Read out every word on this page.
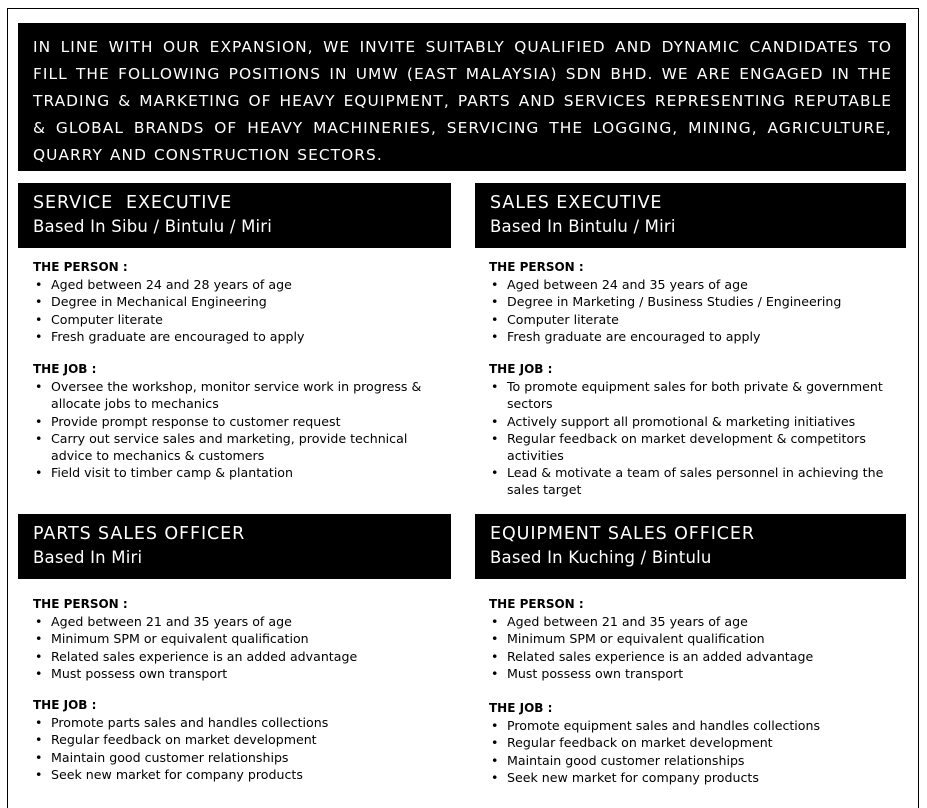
IN LINE WITH OUR EXPANSION, WE INVITE SUITABLY QUALIFIED AND DYNAMIC CANDIDATES TO FILL THE FOLLOWING POSITIONS IN UMW (EAST MALAYSIA) SDN BHD. WE ARE ENGAGED IN THE TRADING & MARKETING OF HEAVY EQUIPMENT, PARTS AND SERVICES REPRESENTING REPUTABLE & GLOBAL BRANDS OF HEAVY MACHINERIES, SERVICING THE LOGGING, MINING, AGRICULTURE, QUARRY AND CONSTRUCTION SECTORS.
SERVICE  EXECUTIVE
Based In Sibu / Bintulu / Miri
THE PERSON :
• Aged between 24 and 28 years of age
• Degree in Mechanical Engineering
• Computer literate
• Fresh graduate are encouraged to apply
THE JOB :
• Oversee the workshop, monitor service work in progress & allocate jobs to mechanics
• Provide prompt response to customer request
• Carry out service sales and marketing, provide technical advice to mechanics & customers
• Field visit to timber camp & plantation
SALES EXECUTIVE
Based In Bintulu / Miri
THE PERSON :
• Aged between 24 and 35 years of age
• Degree in Marketing / Business Studies / Engineering
• Computer literate
• Fresh graduate are encouraged to apply
THE JOB :
• To promote equipment sales for both private & government sectors
• Actively support all promotional & marketing initiatives
• Regular feedback on market development & competitors activities
• Lead & motivate a team of sales personnel in achieving the sales target
PARTS SALES OFFICER
Based In Miri
THE PERSON :
• Aged between 21 and 35 years of age
• Minimum SPM or equivalent qualification
• Related sales experience is an added advantage
• Must possess own transport
THE JOB :
• Promote parts sales and handles collections
• Regular feedback on market development
• Maintain good customer relationships
• Seek new market for company products
EQUIPMENT SALES OFFICER
Based In Kuching / Bintulu
THE PERSON :
• Aged between 21 and 35 years of age
• Minimum SPM or equivalent qualification
• Related sales experience is an added advantage
• Must possess own transport
THE JOB :
• Promote equipment sales and handles collections
• Regular feedback on market development
• Maintain good customer relationships
• Seek new market for company products
